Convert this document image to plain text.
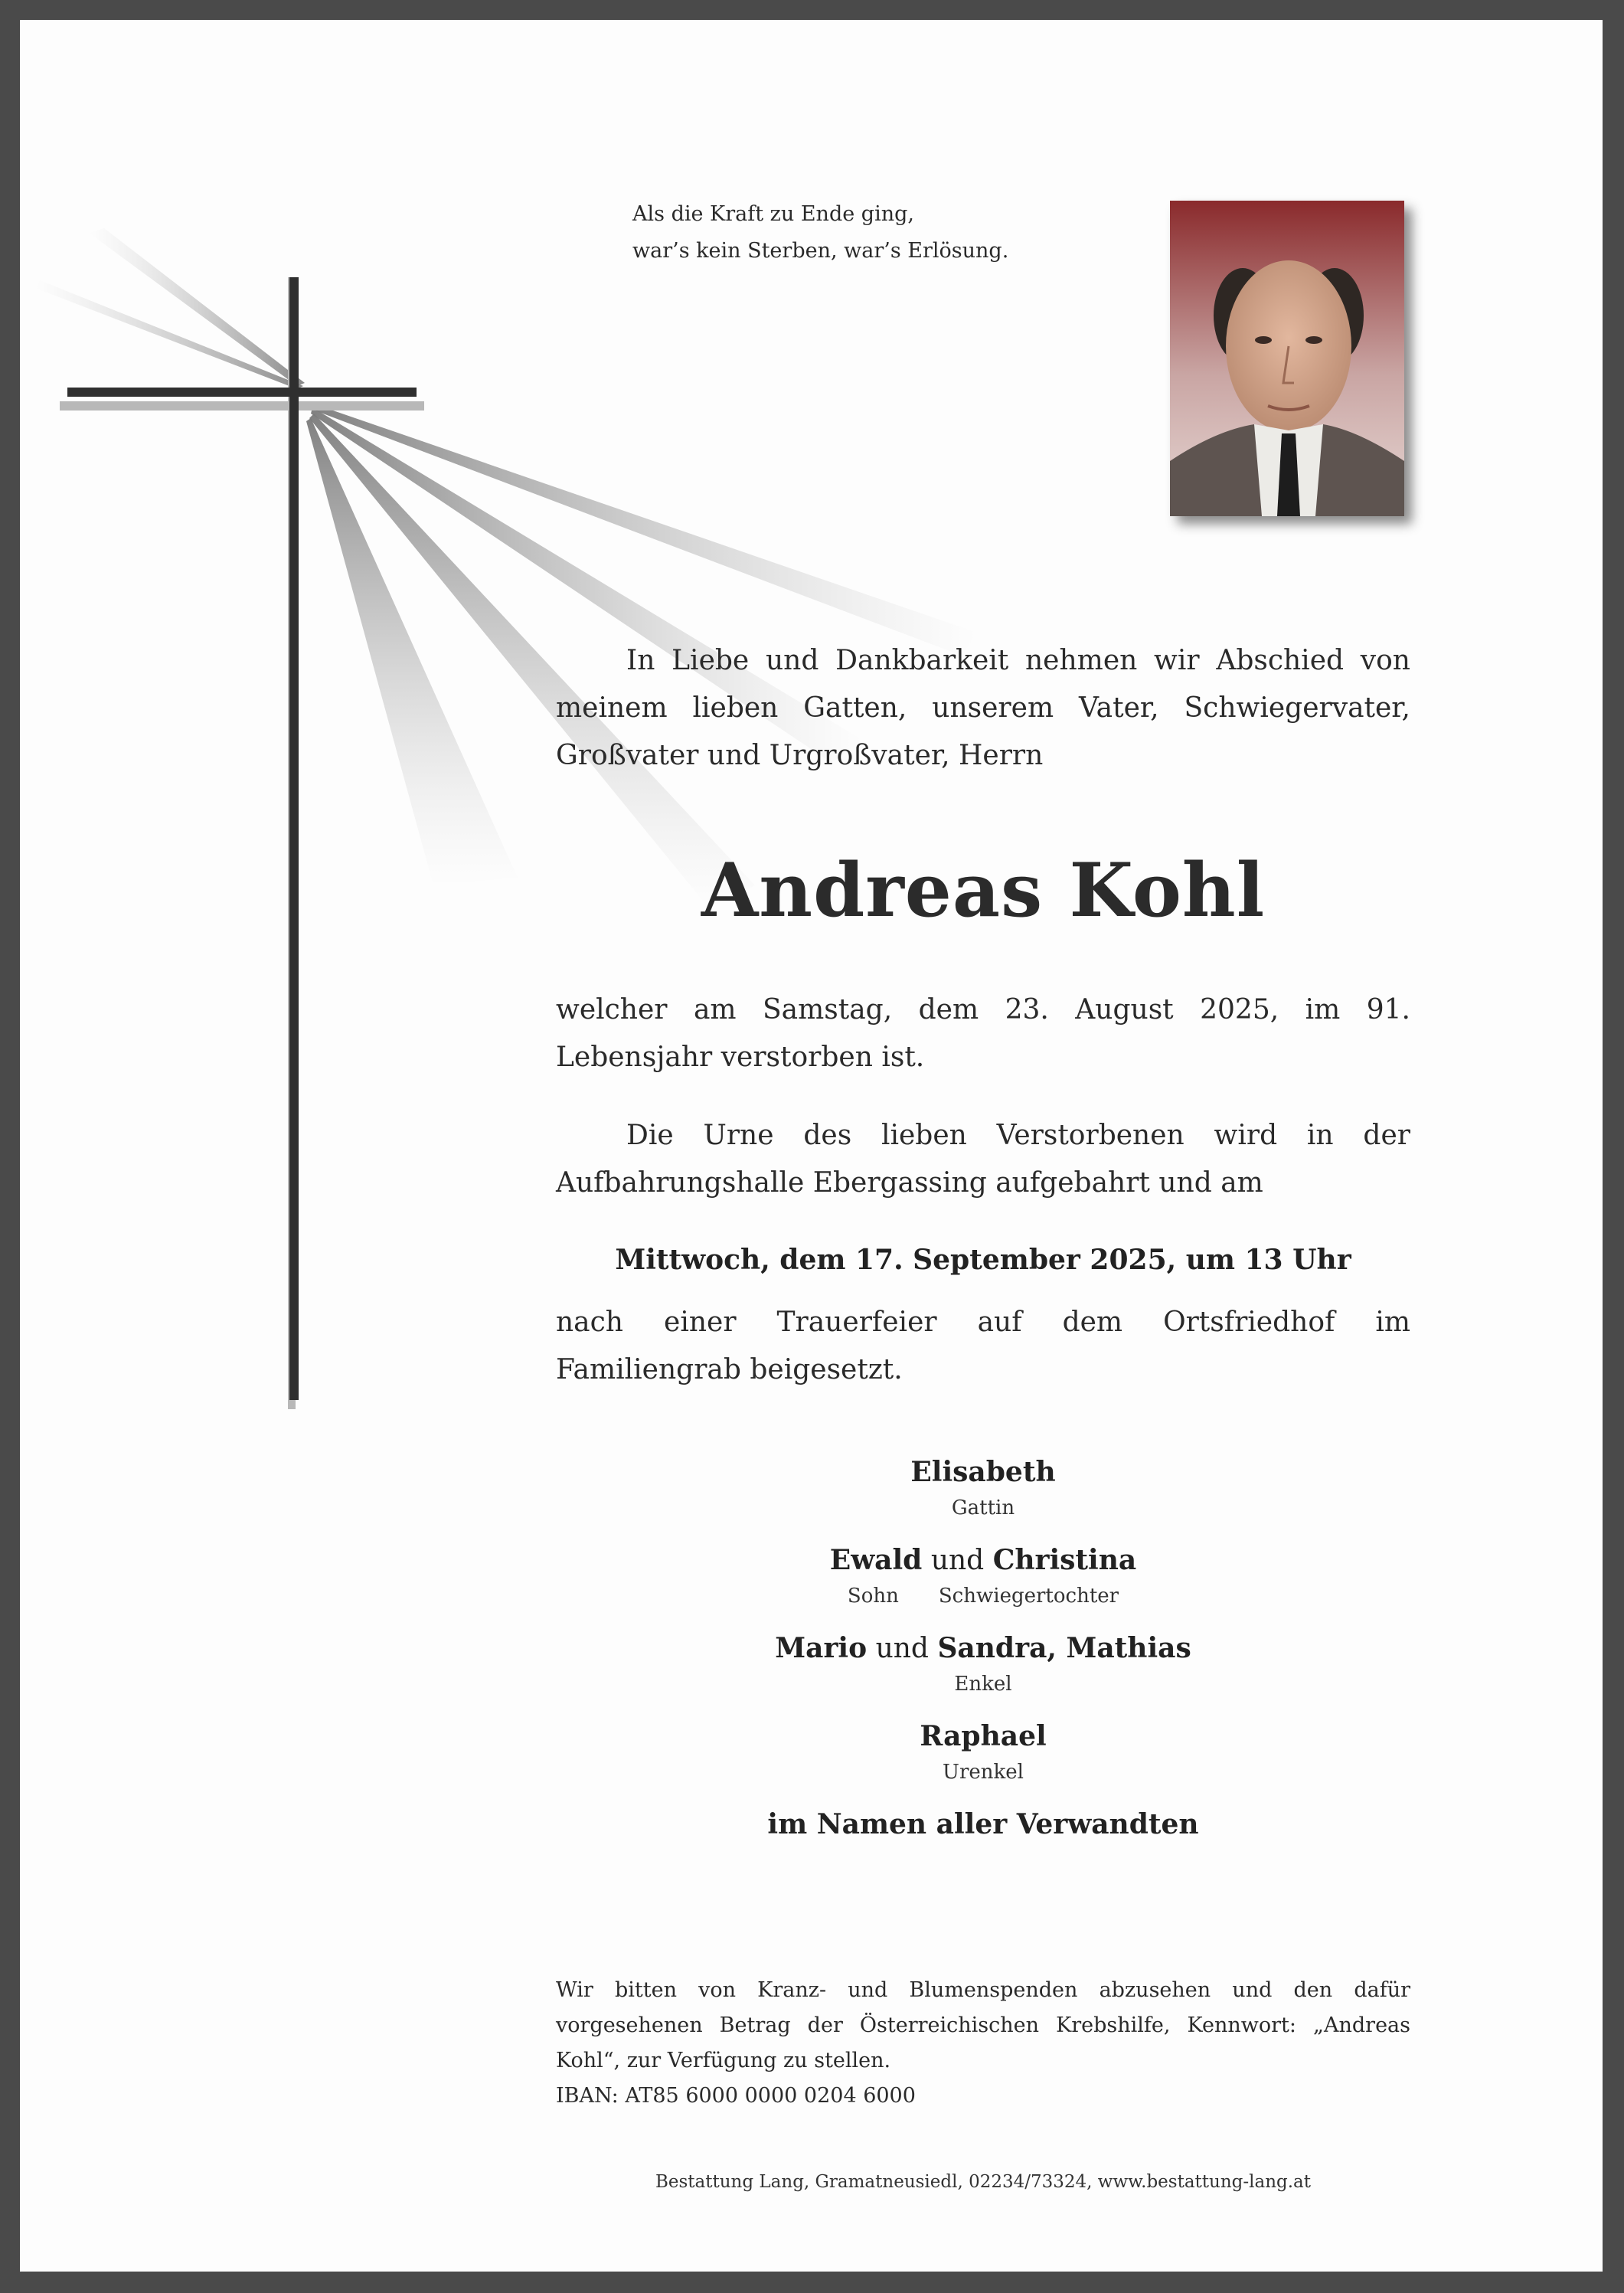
Als die Kraft zu Ende ging,
war’s kein Sterben, war’s Erlösung.
In Liebe und Dankbarkeit nehmen wir Abschied von meinem lieben Gatten, unserem Vater, Schwiegervater, Großvater und Urgroßvater, Herrn
Andreas Kohl
welcher am Samstag, dem 23. August 2025, im 91. Lebensjahr verstorben ist.
Die Urne des lieben Verstorbenen wird in der Aufbahrungshalle Ebergassing aufgebahrt und am
Mittwoch, dem 17. September 2025, um 13 Uhr
nach einer Trauerfeier auf dem Ortsfriedhof im Familiengrab beigesetzt.
Elisabeth
Gattin
Ewald und Christina
Sohn Schwiegertochter
Mario und Sandra, Mathias
Enkel
Raphael
Urenkel
im Namen aller Verwandten
Wir bitten von Kranz- und Blumenspenden abzusehen und den dafür vorgesehenen Betrag der Österreichischen Krebshilfe, Kennwort: „Andreas Kohl“, zur Verfügung zu stellen.
IBAN: AT85 6000 0000 0204 6000
Bestattung Lang, Gramatneusiedl, 02234/73324, www.bestattung-lang.at
